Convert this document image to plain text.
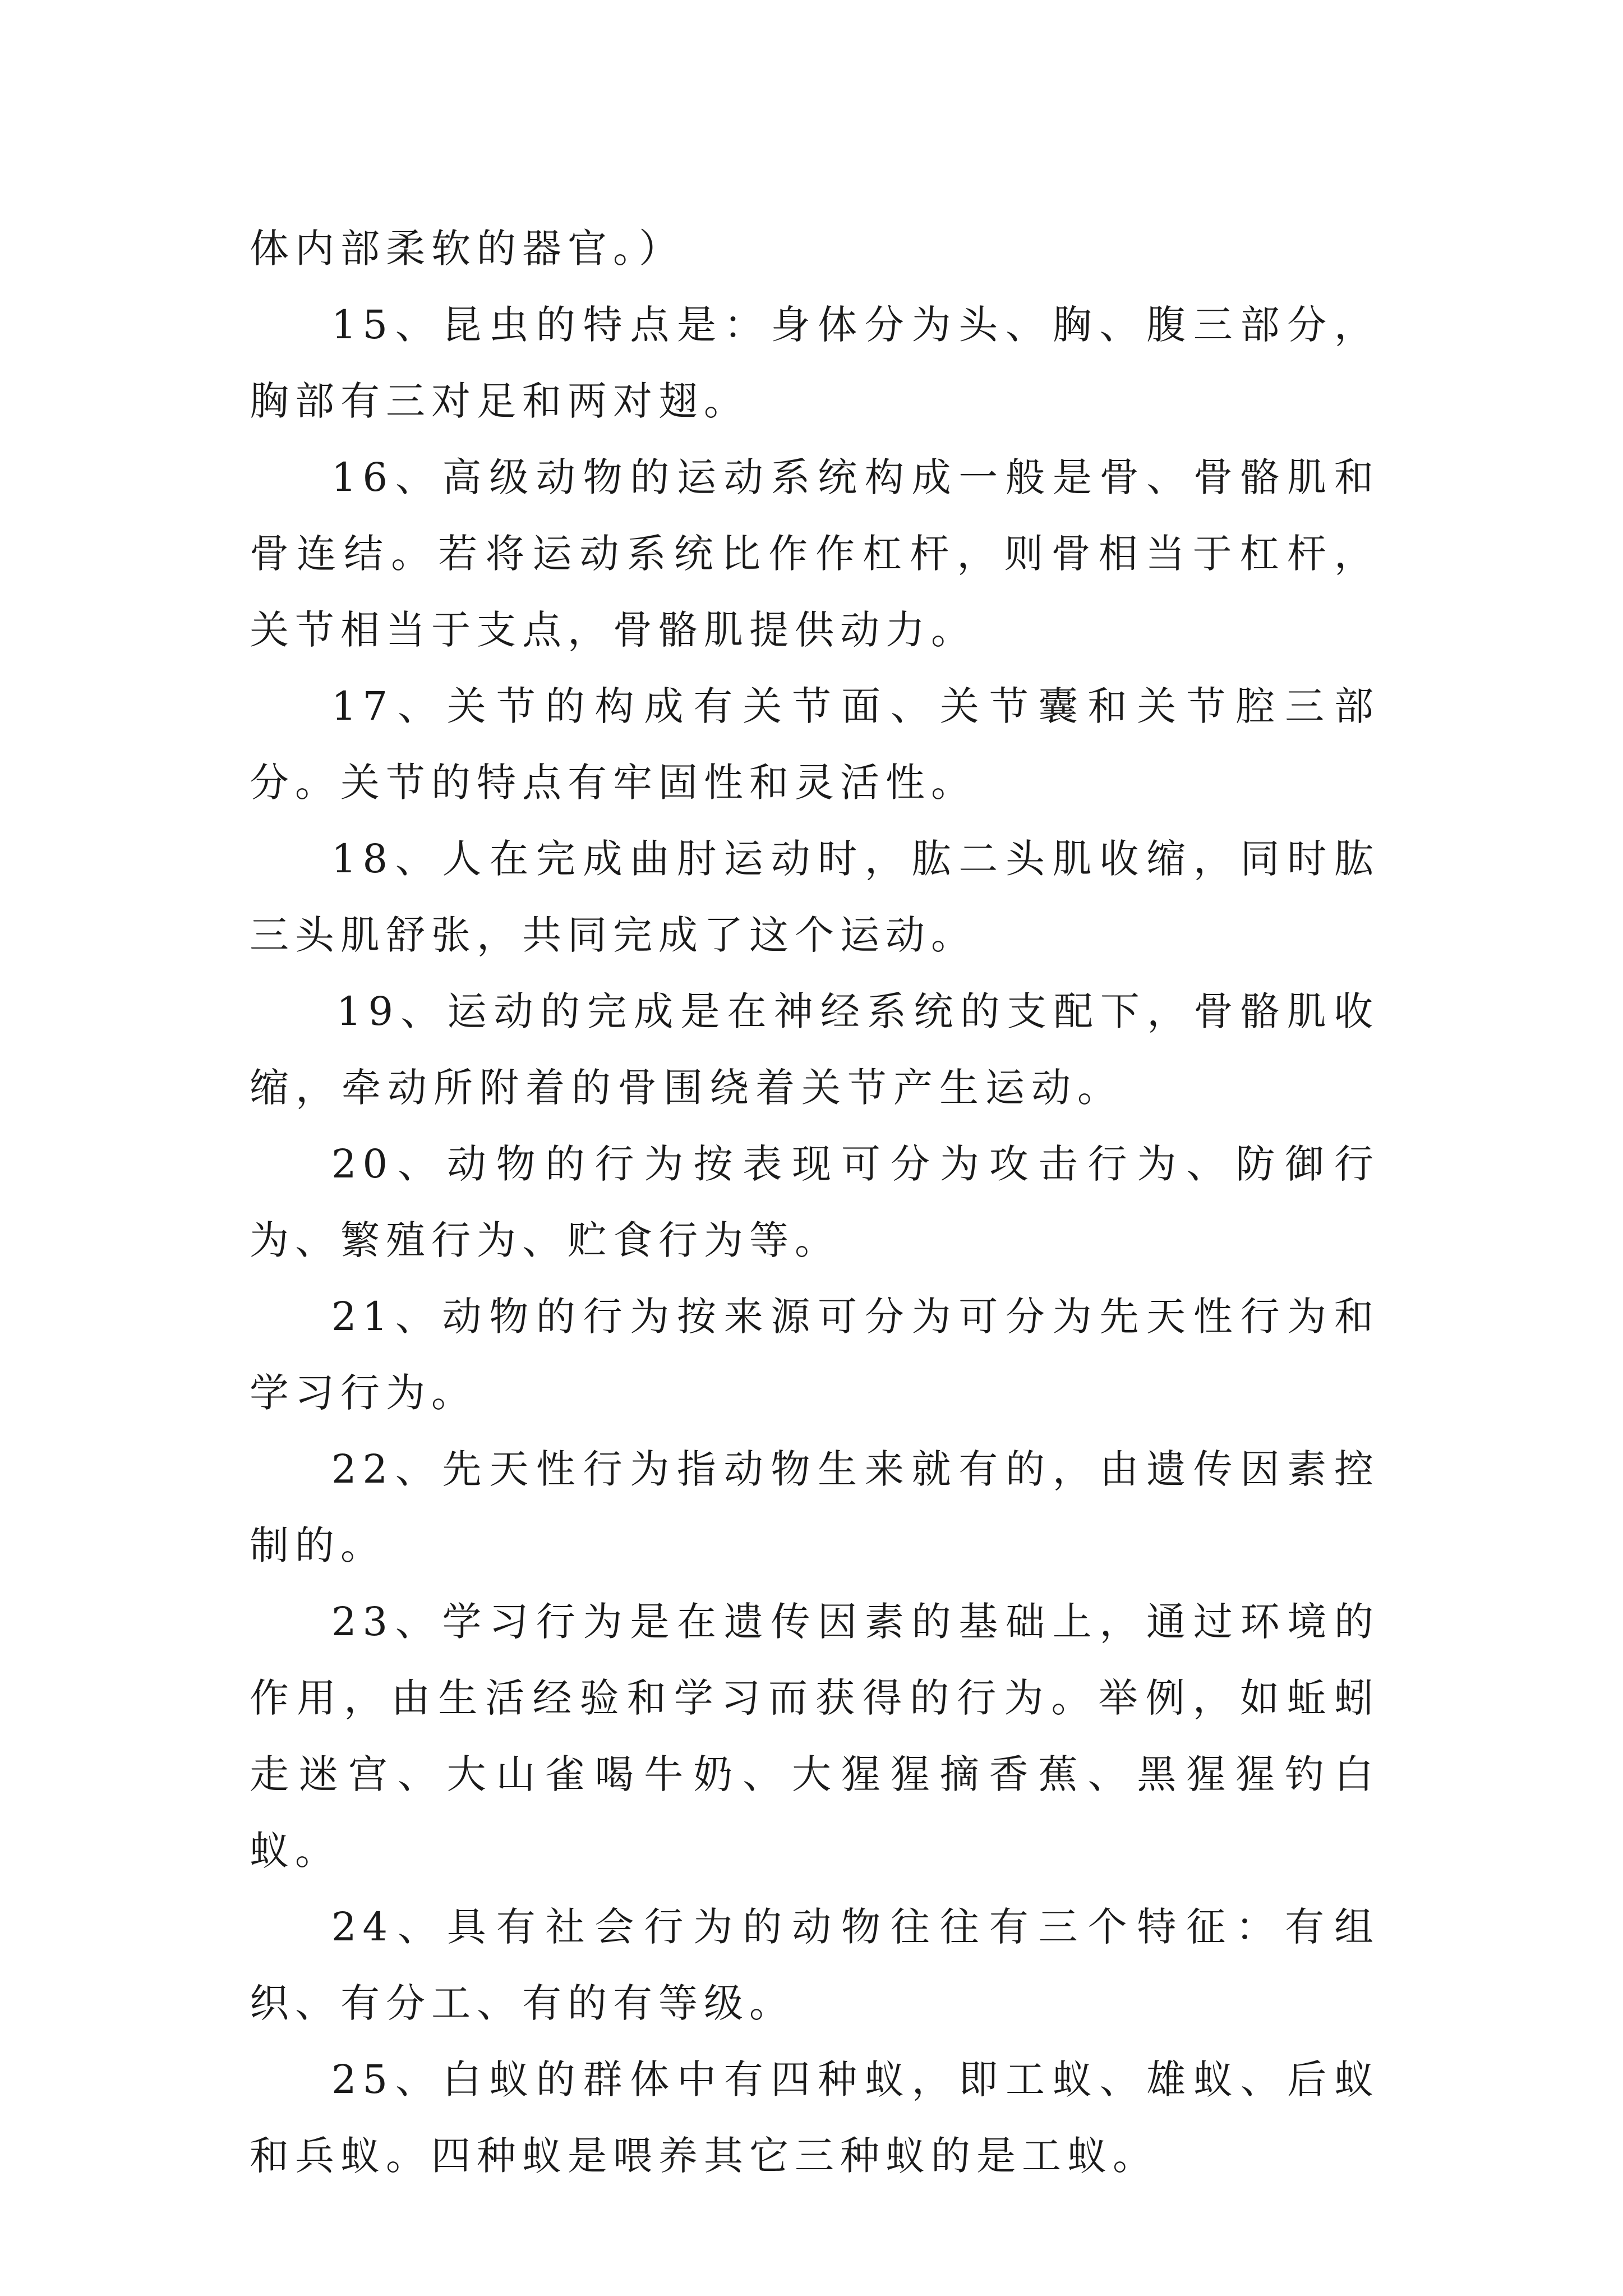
体内部柔软的器官。）

15、昆虫的特点是：身体分为头、胸、腹三部分，胸部有三对足和两对翅。

16、高级动物的运动系统构成一般是骨、骨骼肌和骨连结。若将运动系统比作作杠杆，则骨相当于杠杆，关节相当于支点，骨骼肌提供动力。

17、关节的构成有关节面、关节囊和关节腔三部分。关节的特点有牢固性和灵活性。

18、人在完成曲肘运动时，肱二头肌收缩，同时肱三头肌舒张，共同完成了这个运动。

19、运动的完成是在神经系统的支配下，骨骼肌收缩，牵动所附着的骨围绕着关节产生运动。

20、动物的行为按表现可分为攻击行为、防御行为、繁殖行为、贮食行为等。

21、动物的行为按来源可分为可分为先天性行为和学习行为。

22、先天性行为指动物生来就有的，由遗传因素控制的。

23、学习行为是在遗传因素的基础上，通过环境的作用，由生活经验和学习而获得的行为。举例，如蚯蚓走迷宫、大山雀喝牛奶、大猩猩摘香蕉、黑猩猩钓白蚁。

24、具有社会行为的动物往往有三个特征：有组织、有分工、有的有等级。

25、白蚁的群体中有四种蚁，即工蚁、雄蚁、后蚁和兵蚁。四种蚁是喂养其它三种蚁的是工蚁。
